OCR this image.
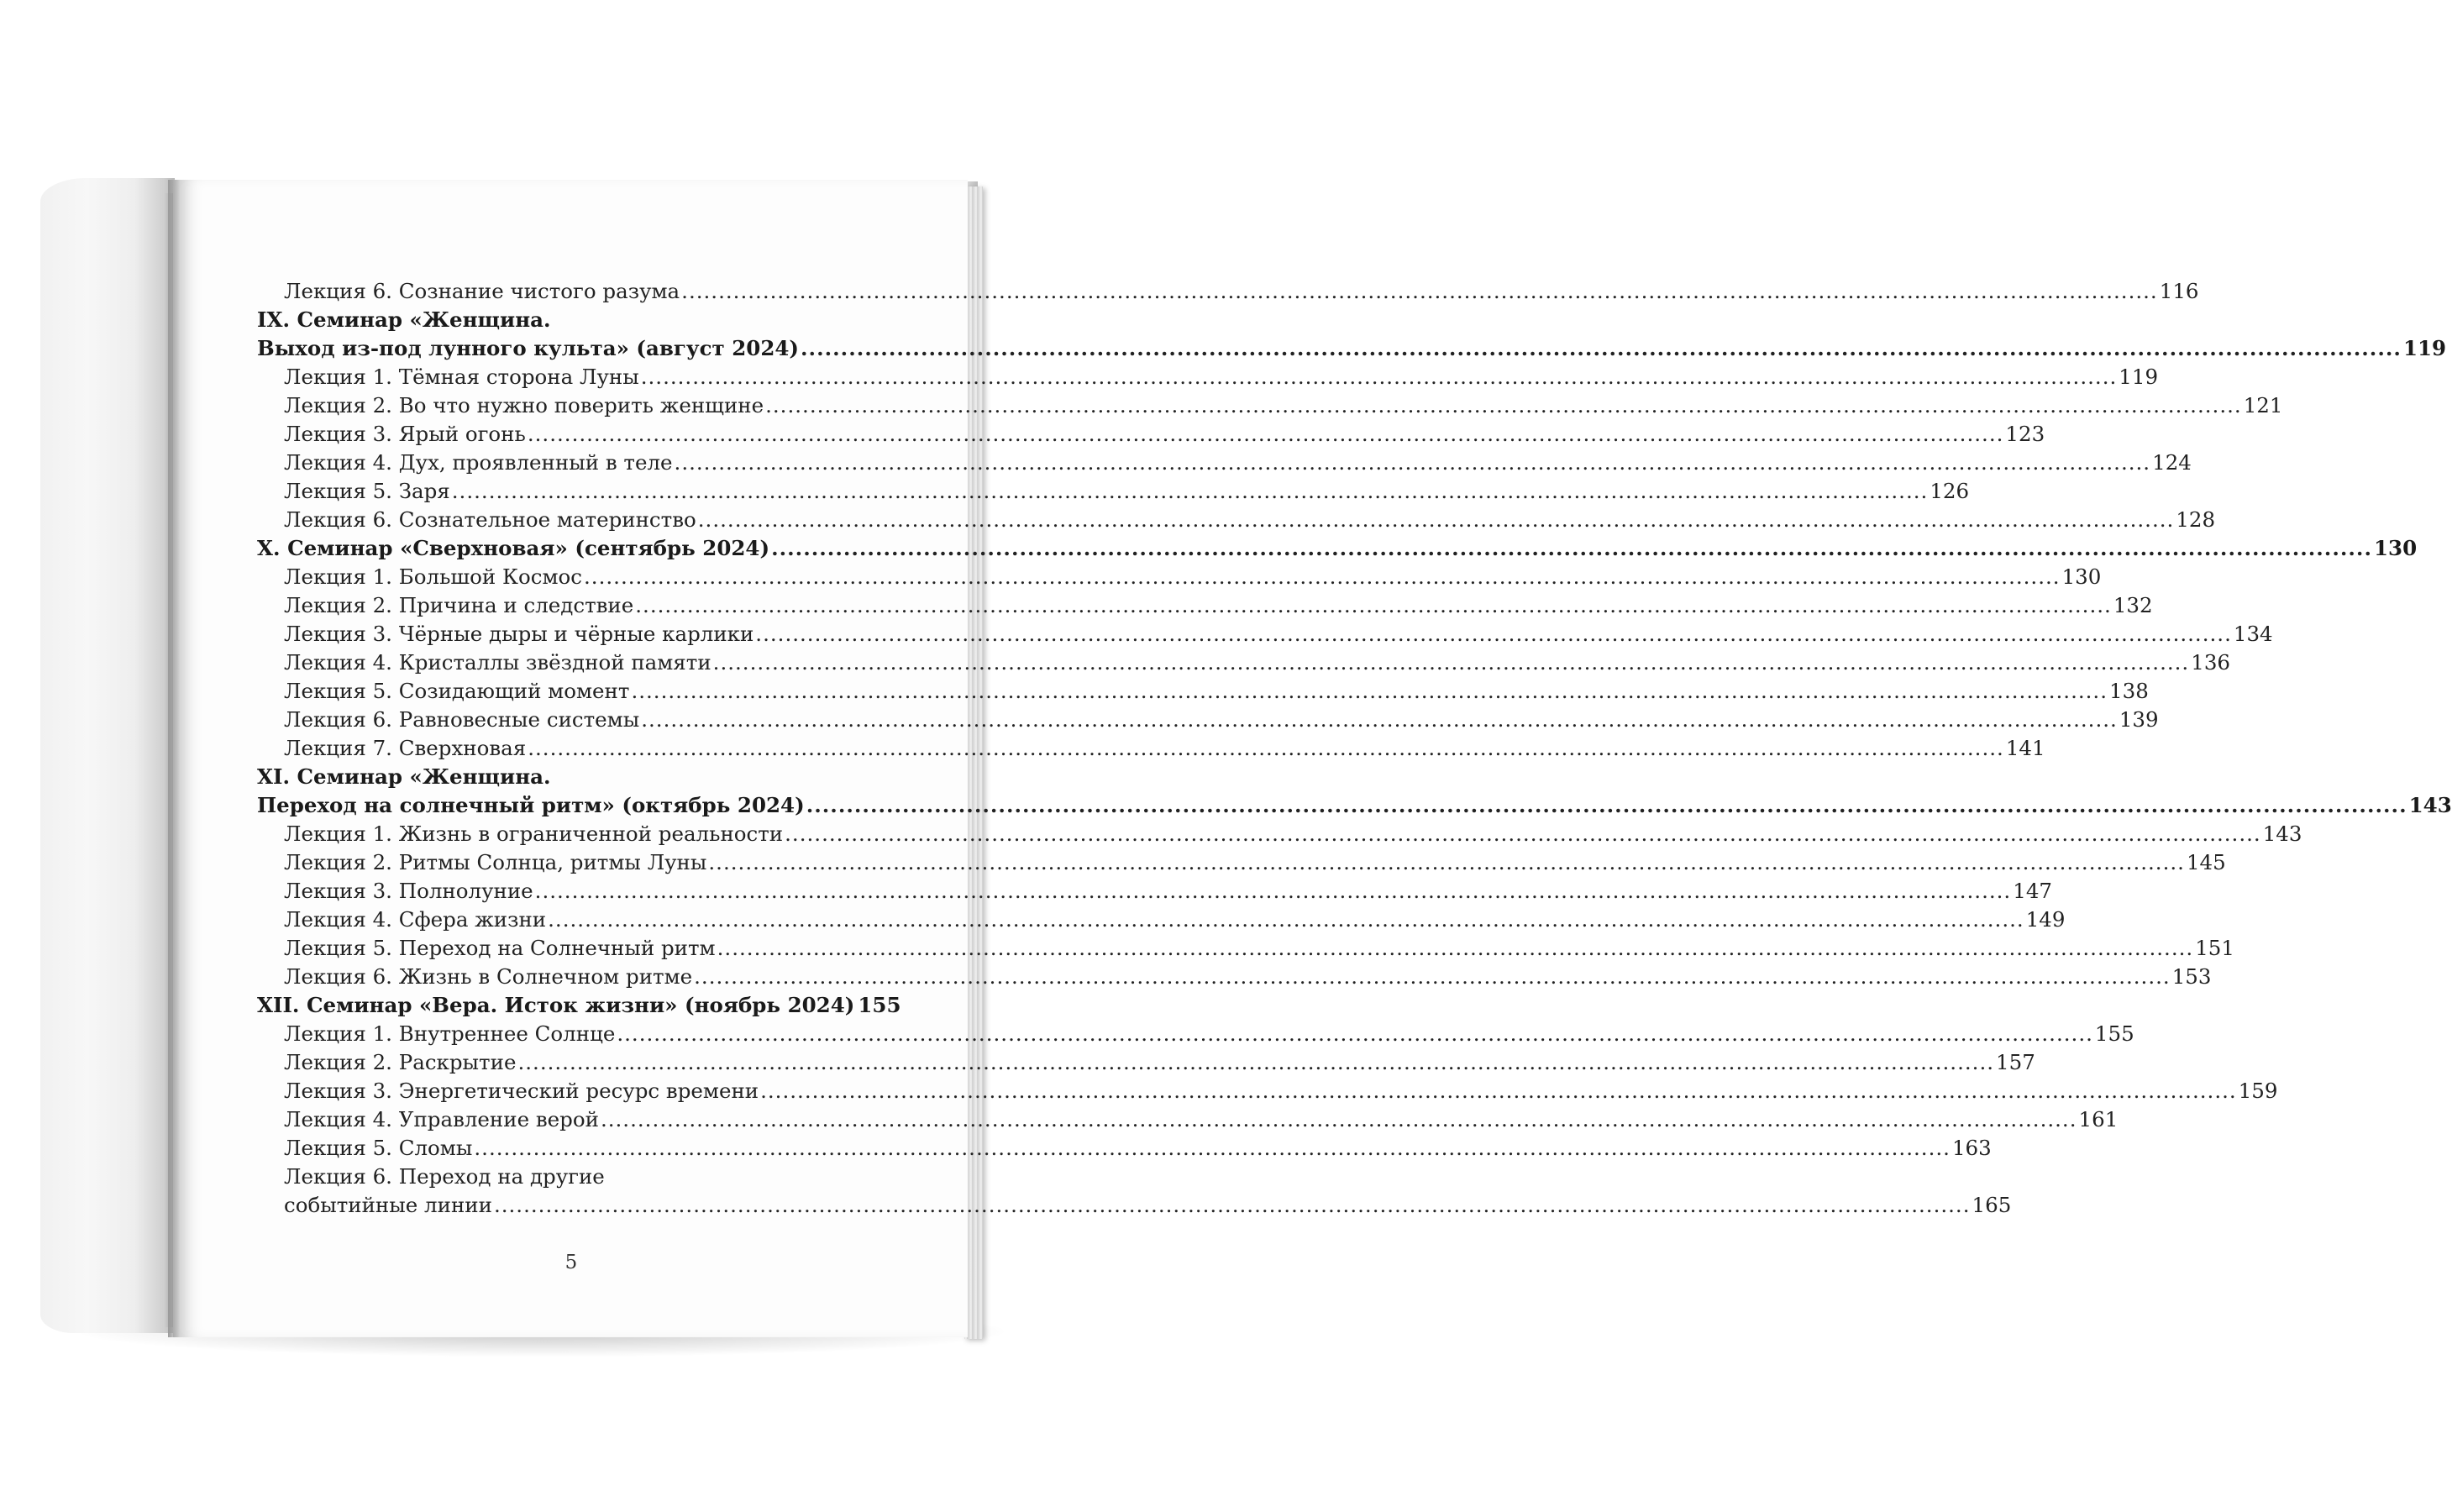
Лекция 6. Сознание чистого разума ........................................................................................................................................................................................................ 116
IX. Семинар «Женщина.
Выход из-под лунного культа» (август 2024) ........................................................................................................................................................................................................ 119
Лекция 1. Тёмная сторона Луны ........................................................................................................................................................................................................ 119
Лекция 2. Во что нужно поверить женщине ........................................................................................................................................................................................................ 121
Лекция 3. Ярый огонь ........................................................................................................................................................................................................ 123
Лекция 4. Дух, проявленный в теле ........................................................................................................................................................................................................ 124
Лекция 5. Заря ........................................................................................................................................................................................................ 126
Лекция 6. Сознательное материнство ........................................................................................................................................................................................................ 128
X. Семинар «Сверхновая» (сентябрь 2024) ........................................................................................................................................................................................................ 130
Лекция 1. Большой Космос ........................................................................................................................................................................................................ 130
Лекция 2. Причина и следствие ........................................................................................................................................................................................................ 132
Лекция 3. Чёрные дыры и чёрные карлики ........................................................................................................................................................................................................ 134
Лекция 4. Кристаллы звёздной памяти ........................................................................................................................................................................................................ 136
Лекция 5. Созидающий момент ........................................................................................................................................................................................................ 138
Лекция 6. Равновесные системы ........................................................................................................................................................................................................ 139
Лекция 7. Сверхновая ........................................................................................................................................................................................................ 141
XI. Семинар «Женщина.
Переход на солнечный ритм» (октябрь 2024) ........................................................................................................................................................................................................ 143
Лекция 1. Жизнь в ограниченной реальности ........................................................................................................................................................................................................ 143
Лекция 2. Ритмы Солнца, ритмы Луны ........................................................................................................................................................................................................ 145
Лекция 3. Полнолуние ........................................................................................................................................................................................................ 147
Лекция 4. Сфера жизни ........................................................................................................................................................................................................ 149
Лекция 5. Переход на Солнечный ритм ........................................................................................................................................................................................................ 151
Лекция 6. Жизнь в Солнечном ритме ........................................................................................................................................................................................................ 153
XII. Семинар «Вера. Исток жизни» (ноябрь 2024) 155
Лекция 1. Внутреннее Солнце ........................................................................................................................................................................................................ 155
Лекция 2. Раскрытие ........................................................................................................................................................................................................ 157
Лекция 3. Энергетический ресурс времени ........................................................................................................................................................................................................ 159
Лекция 4. Управление верой ........................................................................................................................................................................................................ 161
Лекция 5. Сломы ........................................................................................................................................................................................................ 163
Лекция 6. Переход на другие
событийные линии ........................................................................................................................................................................................................ 165
5
